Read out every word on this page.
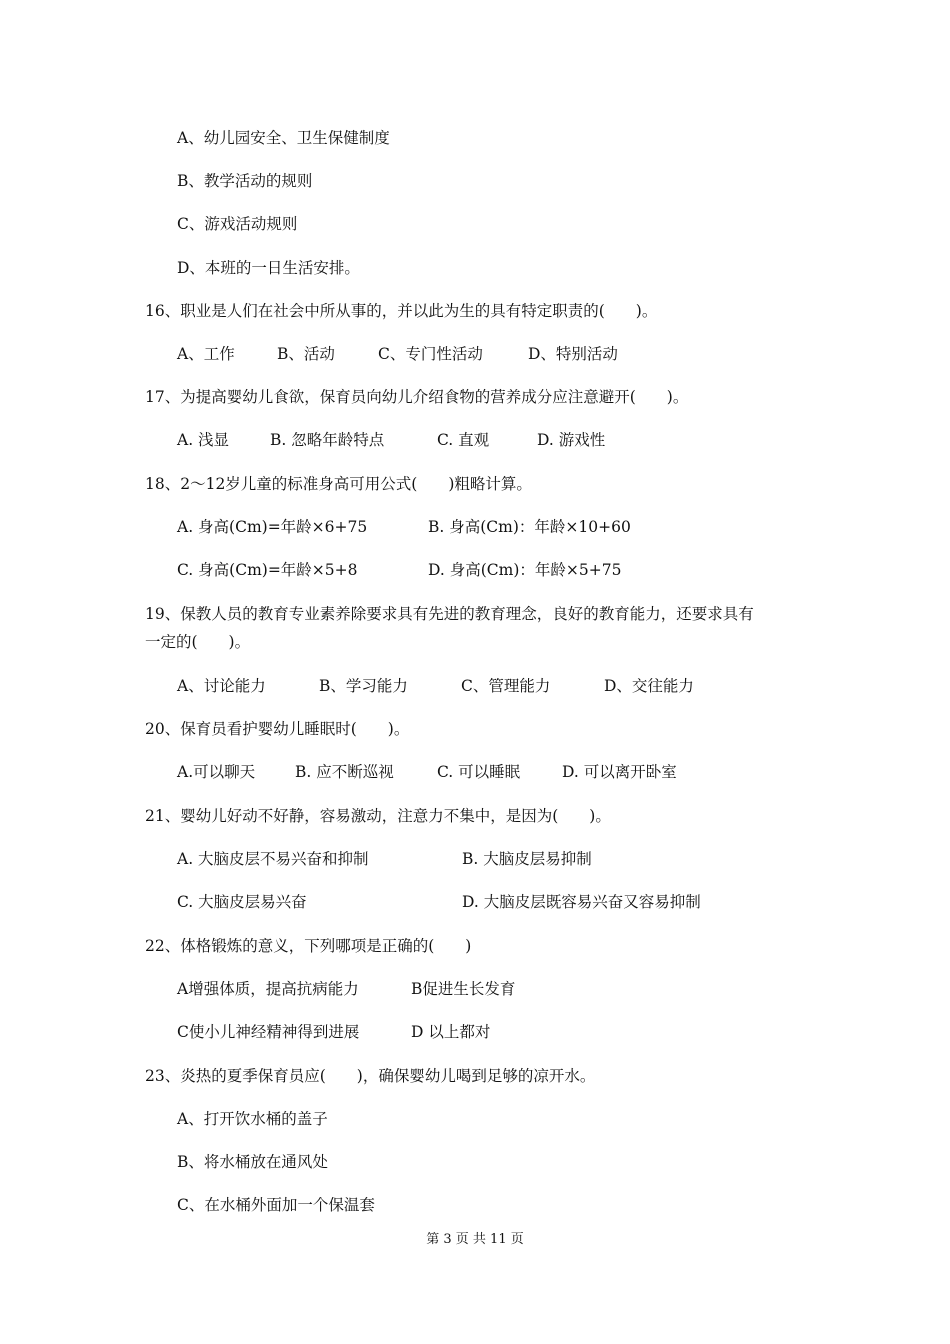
A、幼儿园安全、卫生保健制度
B、教学活动的规则
C、游戏活动规则
D、本班的一日生活安排。
16、职业是人们在社会中所从事的，并以此为生的具有特定职责的(　　)。
A、工作	B、活动	C、专门性活动	D、特别活动
17、为提高婴幼儿食欲，保育员向幼儿介绍食物的营养成分应注意避开(　　)。
A. 浅显	B. 忽略年龄特点	C. 直观	D. 游戏性
18、2～12岁儿童的标准身高可用公式(　　)粗略计算。
A. 身高(Cm)=年龄×6+75	B. 身高(Cm)：年龄×10+60
C. 身高(Cm)=年龄×5+8	D. 身高(Cm)：年龄×5+75
19、保教人员的教育专业素养除要求具有先进的教育理念，良好的教育能力，还要求具有
一定的(　　)。
A、讨论能力	B、学习能力	C、管理能力	D、交往能力
20、保育员看护婴幼儿睡眠时(　　)。
A.可以聊天	B. 应不断巡视	C. 可以睡眠	D. 可以离开卧室
21、婴幼儿好动不好静，容易激动，注意力不集中，是因为(　　)。
A. 大脑皮层不易兴奋和抑制	B. 大脑皮层易抑制
C. 大脑皮层易兴奋	D. 大脑皮层既容易兴奋又容易抑制
22、体格锻炼的意义，下列哪项是正确的(　　)
A增强体质，提高抗病能力	B促进生长发育
C使小儿神经精神得到进展	D 以上都对
23、炎热的夏季保育员应(　　)，确保婴幼儿喝到足够的凉开水。
A、打开饮水桶的盖子
B、将水桶放在通风处
C、在水桶外面加一个保温套
第 3 页 共 11 页
